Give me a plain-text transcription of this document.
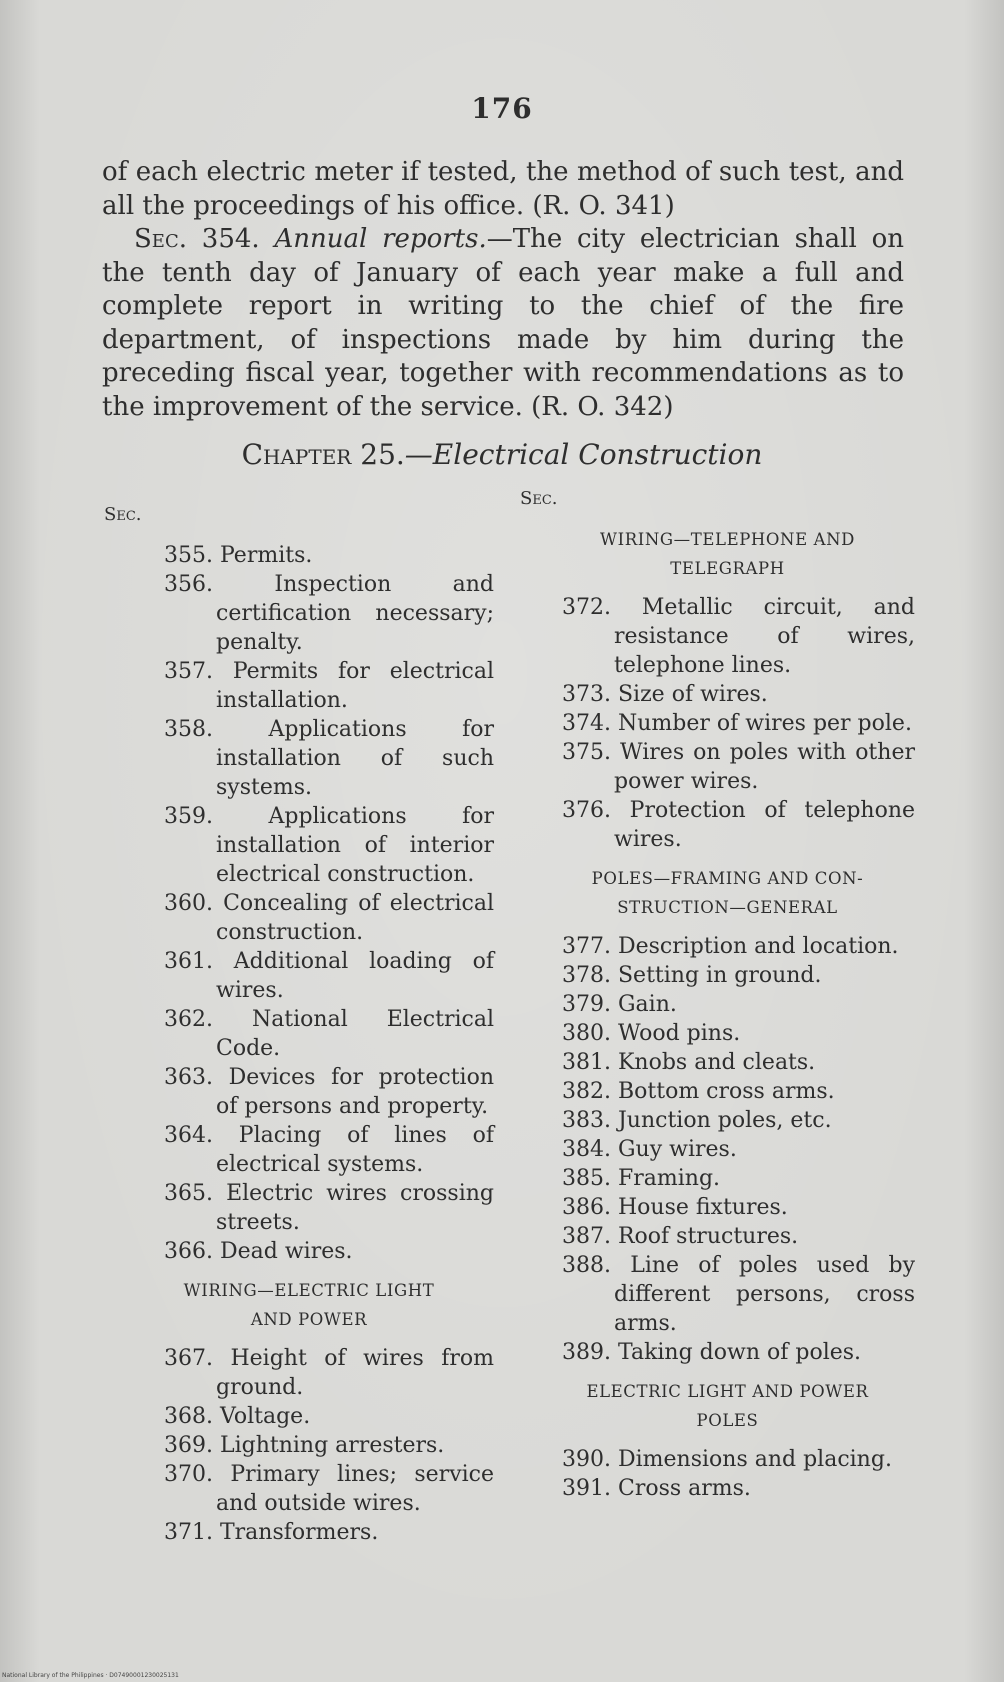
176

of each electric meter if tested, the method of such test, and all the proceedings of his office. (R. O. 341)

Sec. 354. Annual reports.—The city electrician shall on the tenth day of January of each year make a full and complete report in writing to the chief of the fire department, of inspections made by him during the preceding fiscal year, together with recommendations as to the improvement of the service. (R. O. 342)

Chapter 25.—Electrical Construction
Sec.

355. Permits.

356.	Inspection and certification necessary; penalty.

357. Permits for electrical installation.

358.	Applications for installation of such systems.

359.	Applications for installation of interior electrical construction.

360. Concealing of electrical construction.

361. Additional loading of wires.

362. National Electrical Code.

363. Devices for protection of persons and property.

364. Placing of lines of electrical systems.

365. Electric wires crossing streets.

366. Dead wires.

WIRING—ELECTRIC LIGHT
AND POWER

367. Height of wires from ground.

368. Voltage.

369. Lightning arresters.

370. Primary lines; service and outside wires.

371. Transformers.

Sec.
WIRING—TELEPHONE AND
TELEGRAPH

372. Metallic circuit, and resistance of wires, telephone lines.

373. Size of wires.

374. Number of wires per pole.

375. Wires on poles with other power wires.

376. Protection of telephone wires.

POLES—FRAMING AND CON-
STRUCTION—GENERAL

377. Description and location.

378. Setting in ground.

379. Gain.

380. Wood pins.

381. Knobs and cleats.

382. Bottom cross arms.

383. Junction poles, etc.

384. Guy wires.

385. Framing.

386. House fixtures.

387. Roof structures.

388. Line of poles used by different persons, cross arms.

389. Taking down of poles.

ELECTRIC LIGHT AND POWER
POLES

390. Dimensions and placing.

391. Cross arms.

National Library of the Philippines · D07490001230025131
